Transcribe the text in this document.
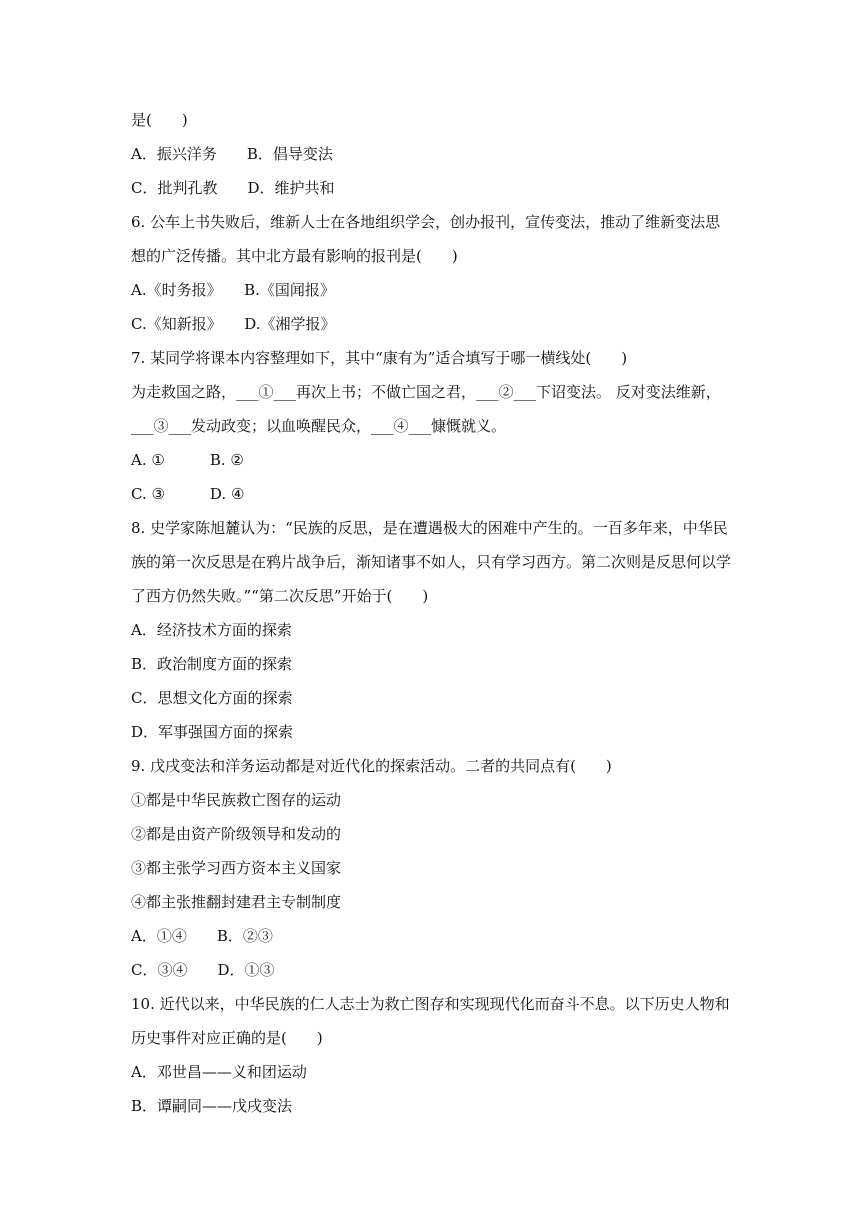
是(　　)
A．振兴洋务　　B．倡导变法
C．批判孔教　　D．维护共和
6. 公车上书失败后，维新人士在各地组织学会，创办报刊，宣传变法，推动了维新变法思
想的广泛传播。其中北方最有影响的报刊是(　　)
A.《时务报》　　B.《国闻报》
C.《知新报》　　D.《湘学报》
7. 某同学将课本内容整理如下，其中“康有为”适合填写于哪一横线处(　　)
为走救国之路，___①___再次上书；不做亡国之君，___②___下诏变法。 反对变法维新，
___③___发动政变；以血唤醒民众，___④___慷慨就义。
A. ①　　　B. ②
C. ③　　　D. ④
8. 史学家陈旭麓认为：“民族的反思，是在遭遇极大的困难中产生的。一百多年来，中华民
族的第一次反思是在鸦片战争后，渐知诸事不如人，只有学习西方。第二次则是反思何以学
了西方仍然失败。”“第二次反思”开始于(　　)
A．经济技术方面的探索
B．政治制度方面的探索
C．思想文化方面的探索
D．军事强国方面的探索
9. 戊戌变法和洋务运动都是对近代化的探索活动。二者的共同点有(　　)
①都是中华民族救亡图存的运动
②都是由资产阶级领导和发动的
③都主张学习西方资本主义国家
④都主张推翻封建君主专制制度
A．①④　　B．②③
C．③④　　D．①③
10. 近代以来，中华民族的仁人志士为救亡图存和实现现代化而奋斗不息。以下历史人物和
历史事件对应正确的是(　　)
A．邓世昌——义和团运动
B．谭嗣同——戊戌变法
